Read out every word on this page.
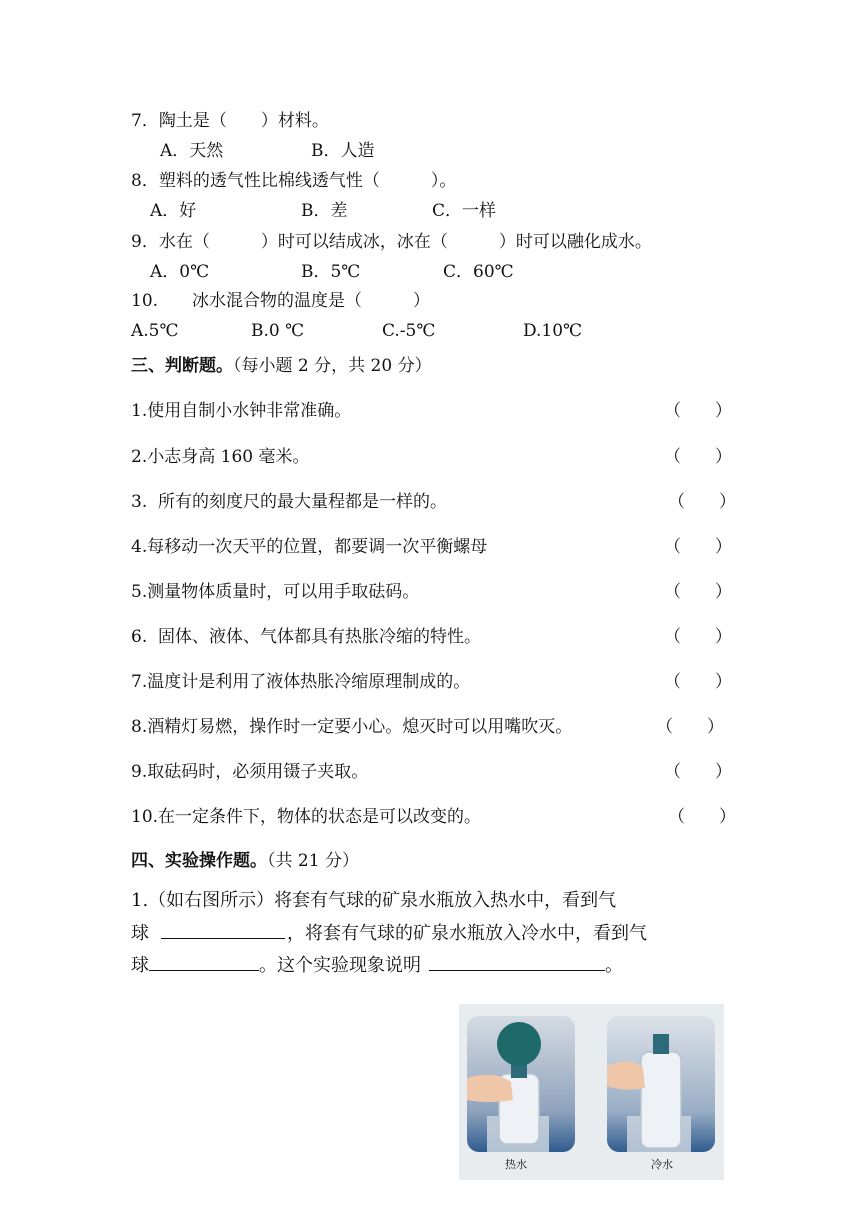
7．陶土是（　　）材料。
A．天然	B．人造
8．塑料的透气性比棉线透气性（　　　）。
A．好	B．差	C．一样
9．水在（　　　）时可以结成冰，冰在（　　　）时可以融化成水。
A．0℃	B．5℃	C．60℃
10.　　冰水混合物的温度是（　　　）
A.5℃	B.0 ℃	C.-5℃	D.10℃
三、判断题。（每小题 2 分，共 20 分）
1.使用自制小水钟非常准确。	（　　）
2.小志身高 160 毫米。	（　　）
3.  所有的刻度尺的最大量程都是一样的。	（　　）
4.每移动一次天平的位置，都要调一次平衡螺母	（　　）
5.测量物体质量时，可以用手取砝码。	（　　）
6.  固体、液体、气体都具有热胀冷缩的特性。	（　　）
7.温度计是利用了液体热胀冷缩原理制成的。	（　　）
8.酒精灯易燃，操作时一定要小心。熄灭时可以用嘴吹灭。	（　　）
9.取砝码时，必须用镊子夹取。	（　　）
10.在一定条件下，物体的状态是可以改变的。	（　　）
四、实验操作题。（共 21 分）
1.（如右图所示）将套有气球的矿泉水瓶放入热水中，看到气
球	，将套有气球的矿泉水瓶放入冷水中，看到气
球	。这个实验现象说明	。
热水	冷水
